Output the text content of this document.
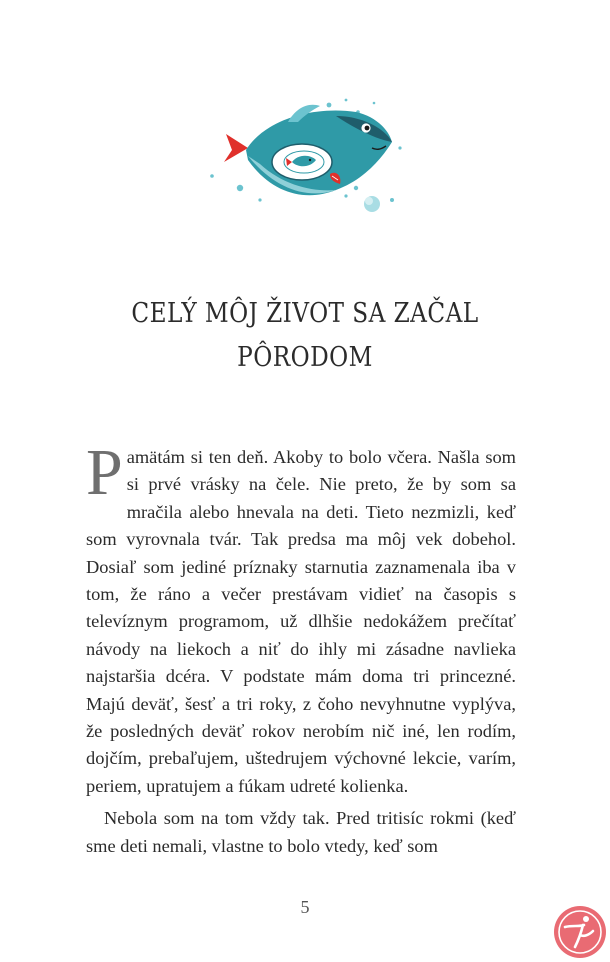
CELÝ MÔJ ŽIVOT SA ZAČAL
PÔRODOM

Pamätám si ten deň. Akoby to bolo včera. Našla som si prvé vrásky na čele. Nie preto, že by som sa mračila alebo hnevala na deti. Tieto nezmizli, keď som vyrovnala tvár. Tak predsa ma môj vek dobehol. Dosiaľ som jediné príznaky starnutia zaznamenala iba v tom, že ráno a večer prestávam vidieť na časopis s televíznym programom, už dlhšie nedokážem prečítať návody na liekoch a niť do ihly mi zásadne navlieka najstaršia dcéra. V podstate mám doma tri princezné. Majú deväť, šesť a tri roky, z čoho nevyhnutne vyplýva, že posledných deväť rokov nerobím nič iné, len rodím, dojčím, prebaľujem, uštedrujem výchovné lekcie, varím, periem, upratujem a fúkam udreté kolienka.

Nebola som na tom vždy tak. Pred tritisíc rokmi (keď sme deti nemali, vlastne to bolo vtedy, keď som

5
